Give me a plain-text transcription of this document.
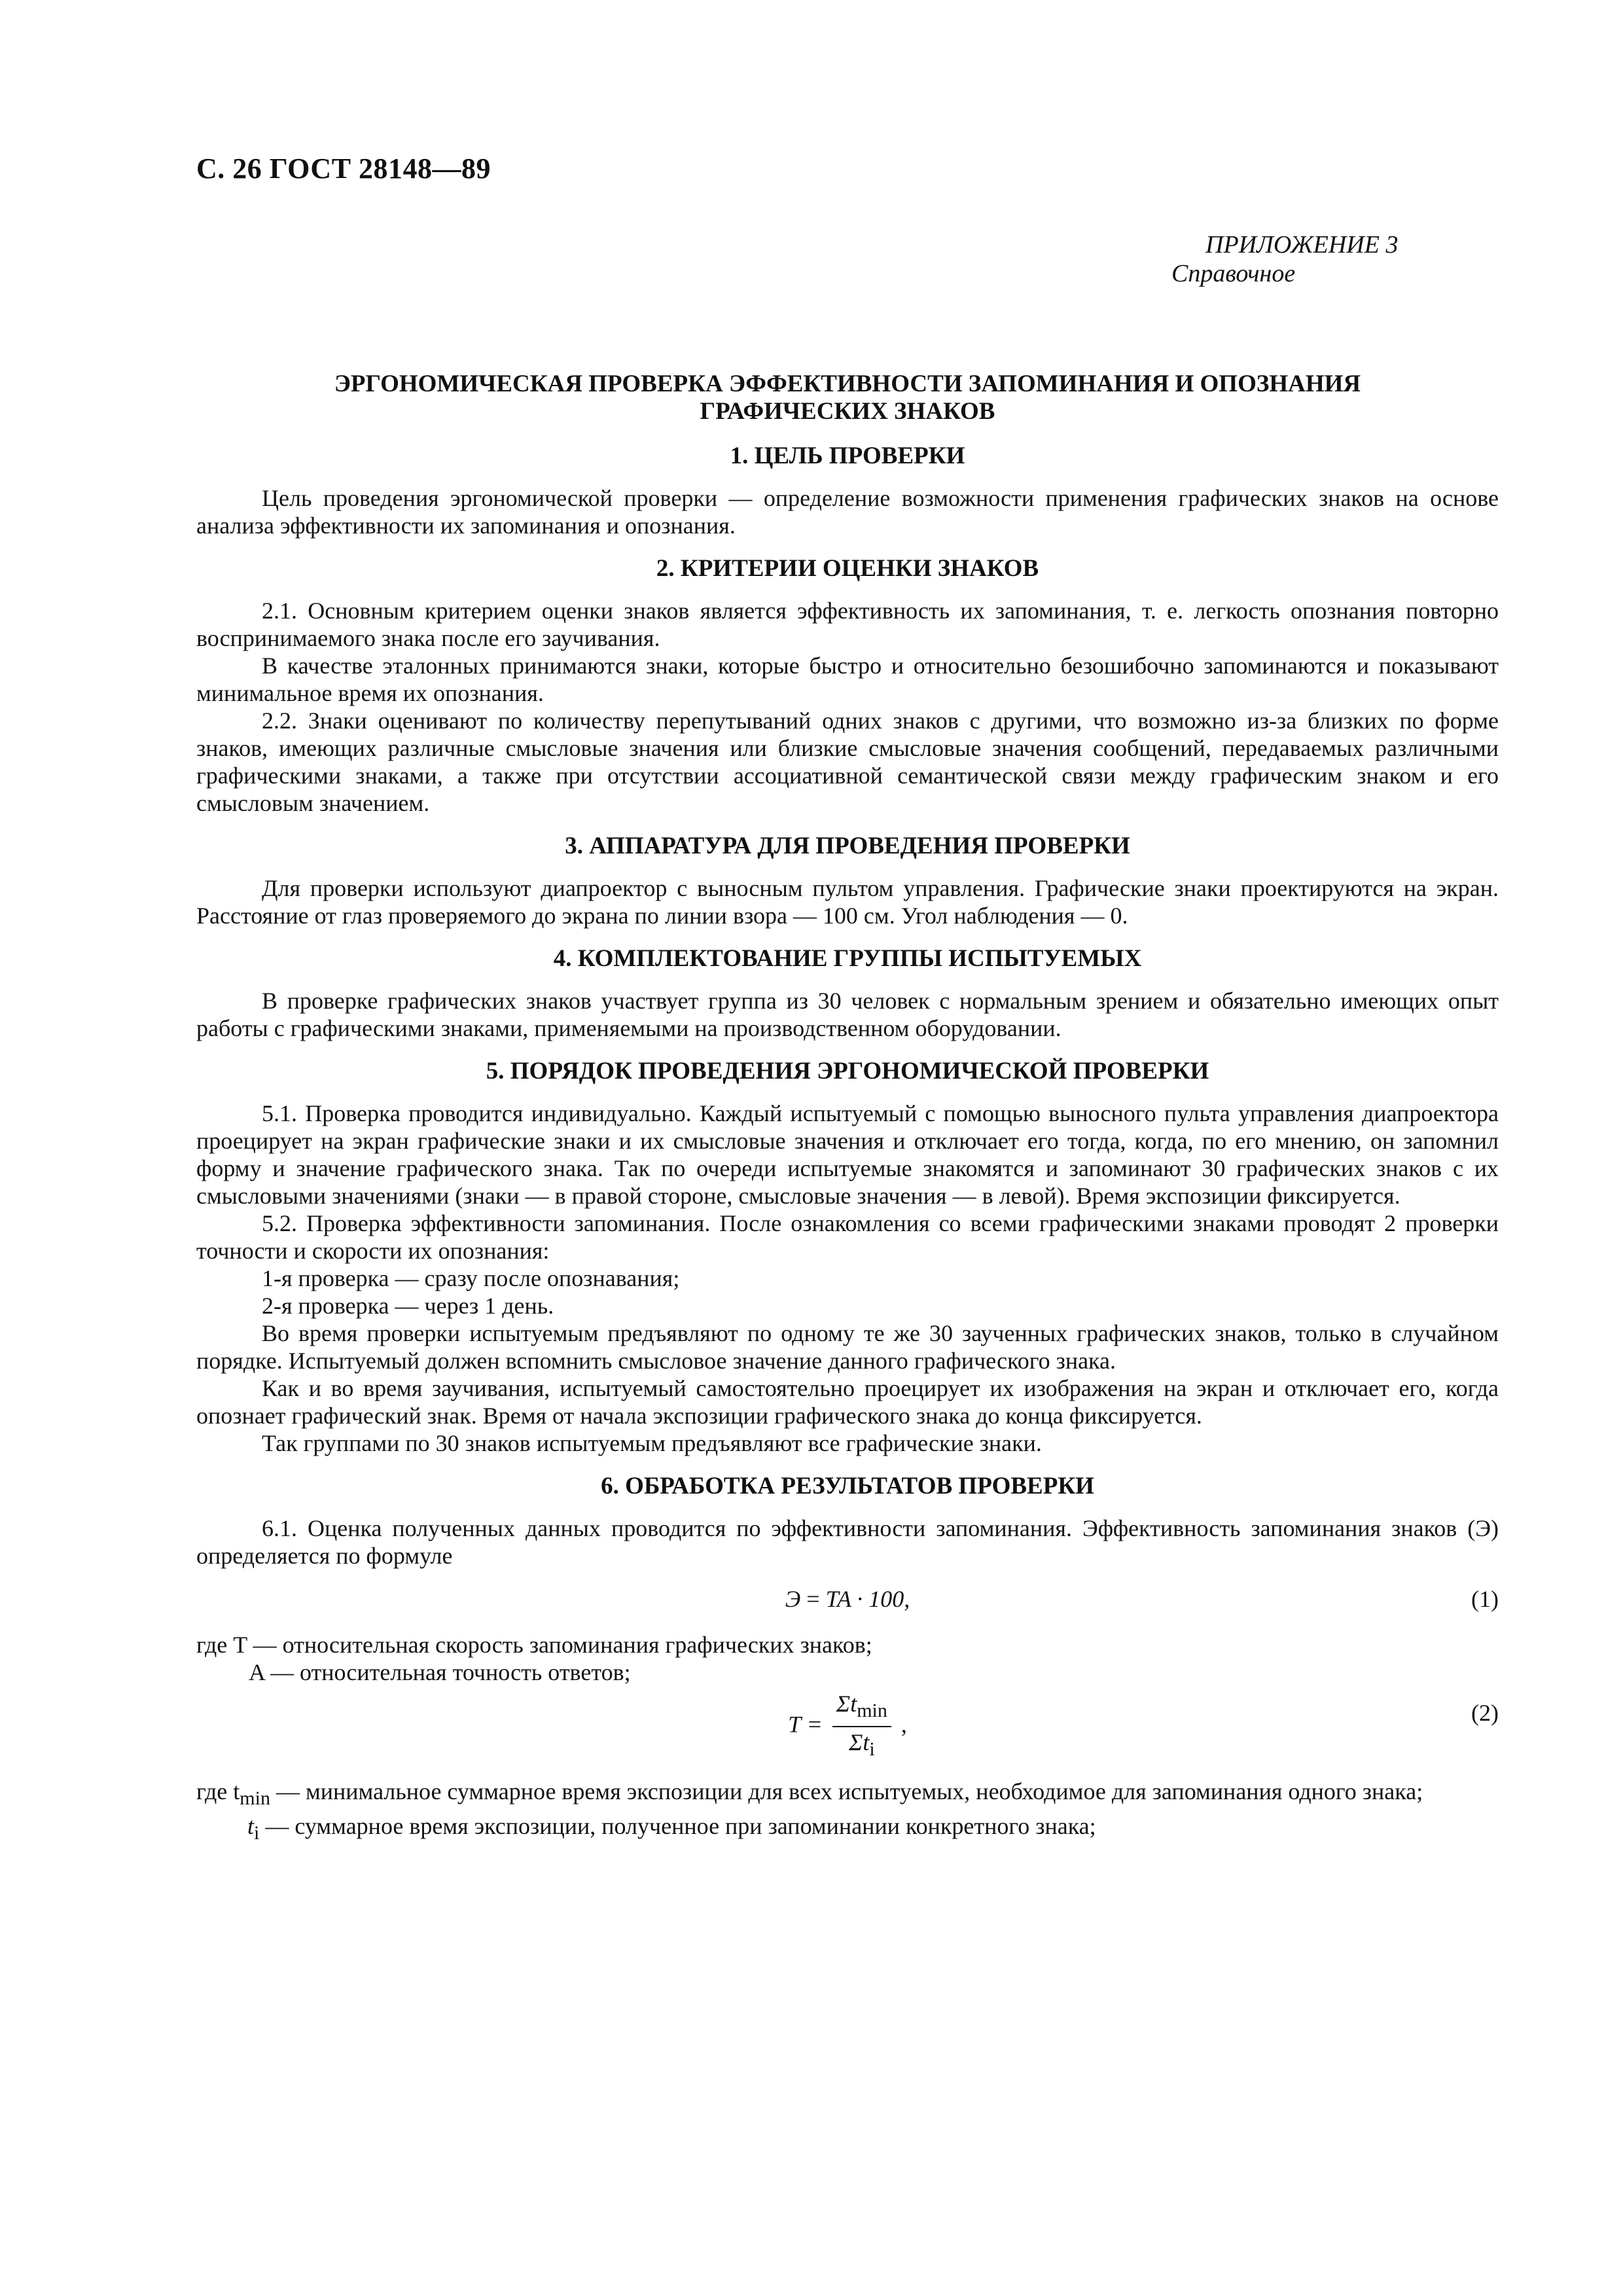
С. 26 ГОСТ 28148—89
ПРИЛОЖЕНИЕ 3
Справочное
ЭРГОНОМИЧЕСКАЯ ПРОВЕРКА ЭФФЕКТИВНОСТИ ЗАПОМИНАНИЯ И ОПОЗНАНИЯ
ГРАФИЧЕСКИХ ЗНАКОВ
1. ЦЕЛЬ ПРОВЕРКИ

Цель проведения эргономической проверки — определение возможности применения графических знаков на основе анализа эффективности их запоминания и опознания.

2. КРИТЕРИИ ОЦЕНКИ ЗНАКОВ

2.1. Основным критерием оценки знаков является эффективность их запоминания, т. е. легкость опознания повторно воспринимаемого знака после его заучивания.

В качестве эталонных принимаются знаки, которые быстро и относительно безошибочно запоминаются и показывают минимальное время их опознания.

2.2. Знаки оценивают по количеству перепутываний одних знаков с другими, что возможно из-за близких по форме знаков, имеющих различные смысловые значения или близкие смысловые значения сообщений, передаваемых различными графическими знаками, а также при отсутствии ассоциативной семантической связи между графическим знаком и его смысловым значением.

3. АППАРАТУРА ДЛЯ ПРОВЕДЕНИЯ ПРОВЕРКИ

Для проверки используют диапроектор с выносным пультом управления. Графические знаки проектируются на экран. Расстояние от глаз проверяемого до экрана по линии взора — 100 см. Угол наблюдения — 0.

4. КОМПЛЕКТОВАНИЕ ГРУППЫ ИСПЫТУЕМЫХ

В проверке графических знаков участвует группа из 30 человек с нормальным зрением и обязательно имеющих опыт работы с графическими знаками, применяемыми на производственном оборудовании.

5. ПОРЯДОК ПРОВЕДЕНИЯ ЭРГОНОМИЧЕСКОЙ ПРОВЕРКИ

5.1. Проверка проводится индивидуально. Каждый испытуемый с помощью выносного пульта управления диапроектора проецирует на экран графические знаки и их смысловые значения и отключает его тогда, когда, по его мнению, он запомнил форму и значение графического знака. Так по очереди испытуемые знакомятся и запоминают 30 графических знаков с их смысловыми значениями (знаки — в правой стороне, смысловые значения — в левой). Время экспозиции фиксируется.

5.2. Проверка эффективности запоминания. После ознакомления со всеми графическими знаками проводят 2 проверки точности и скорости их опознания:

1-я проверка — сразу после опознавания;

2-я проверка — через 1 день.

Во время проверки испытуемым предъявляют по одному те же 30 заученных графических знаков, только в случайном порядке. Испытуемый должен вспомнить смысловое значение данного графического знака.

Как и во время заучивания, испытуемый самостоятельно проецирует их изображения на экран и отключает его, когда опознает графический знак. Время от начала экспозиции графического знака до конца фиксируется.

Так группами по 30 знаков испытуемым предъявляют все графические знаки.

6. ОБРАБОТКА РЕЗУЛЬТАТОВ ПРОВЕРКИ

6.1. Оценка полученных данных проводится по эффективности запоминания. Эффективность запоминания знаков (Э) определяется по формуле

Э = TA · 100,	(1)

где T — относительная скорость запоминания графических знаков;

A — относительная точность ответов;

$T = \frac{\Sigma t_{min}}{\Sigma t_i}$ ,	(2)

где $t_{min}$ — минимальное суммарное время экспозиции для всех испытуемых, необходимое для запоминания одного знака;

$t_i$ — суммарное время экспозиции, полученное при запоминании конкретного знака;
